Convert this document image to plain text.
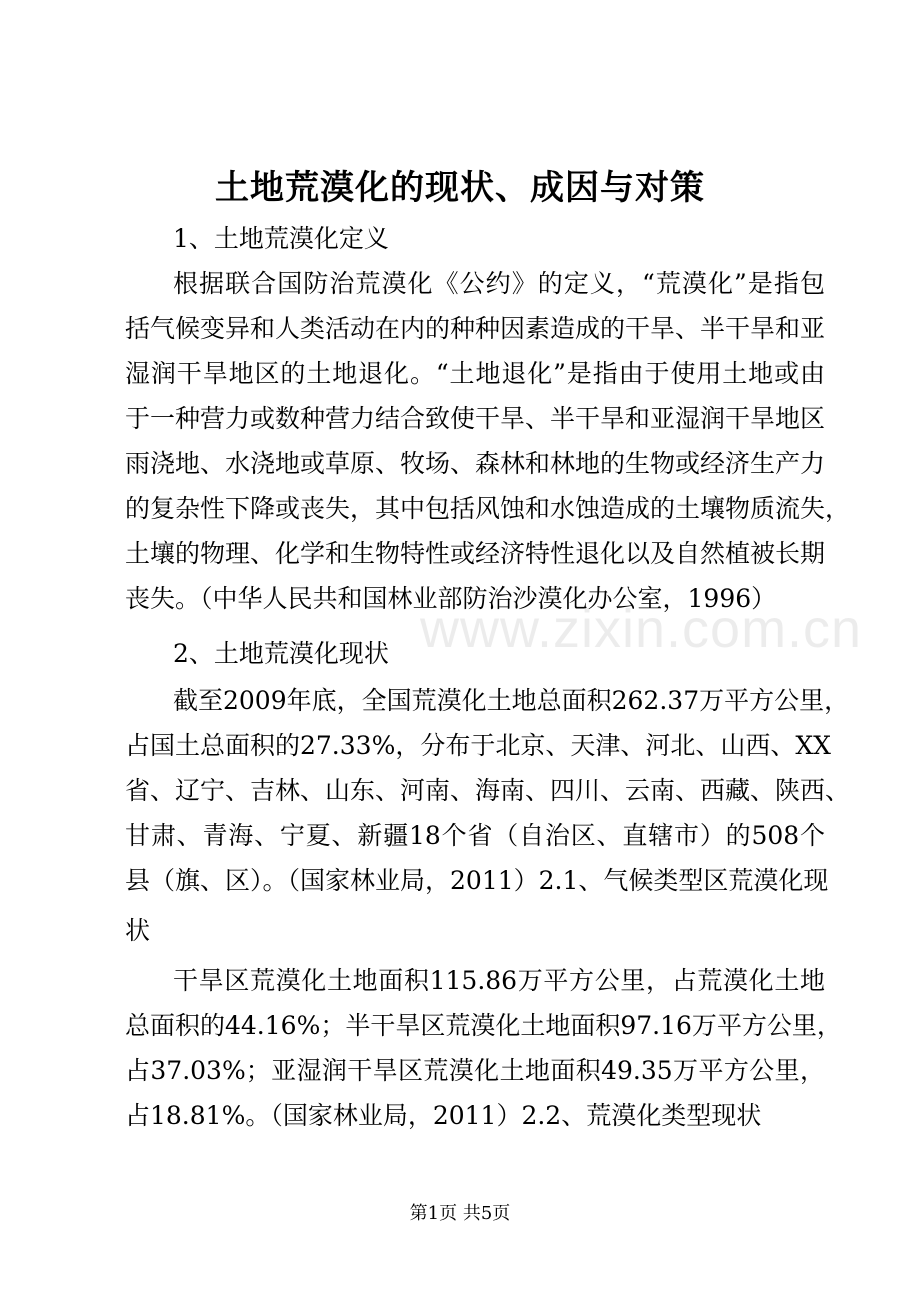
土地荒漠化的现状、成因与对策
1、土地荒漠化定义
根据联合国防治荒漠化《公约》的定义，“荒漠化”是指包
括气候变异和人类活动在内的种种因素造成的干旱、半干旱和亚
湿润干旱地区的土地退化。“土地退化”是指由于使用土地或由
于一种营力或数种营力结合致使干旱、半干旱和亚湿润干旱地区
雨浇地、水浇地或草原、牧场、森林和林地的生物或经济生产力
的复杂性下降或丧失，其中包括风蚀和水蚀造成的土壤物质流失，
土壤的物理、化学和生物特性或经济特性退化以及自然植被长期
丧失。（中华人民共和国林业部防治沙漠化办公室，1996）
2、土地荒漠化现状
截至2009年底，全国荒漠化土地总面积262.37万平方公里，
占国土总面积的27.33%，分布于北京、天津、河北、山西、XX
省、辽宁、吉林、山东、河南、海南、四川、云南、西藏、陕西、
甘肃、青海、宁夏、新疆18个省（自治区、直辖市）的508个
县（旗、区）。（国家林业局，2011）2.1、气候类型区荒漠化现
状
干旱区荒漠化土地面积115.86万平方公里，占荒漠化土地
总面积的44.16%；半干旱区荒漠化土地面积97.16万平方公里，
占37.03%；亚湿润干旱区荒漠化土地面积49.35万平方公里，
占18.81%。（国家林业局，2011）2.2、荒漠化类型现状
www.zixin.com.cn
第1页 共5页
